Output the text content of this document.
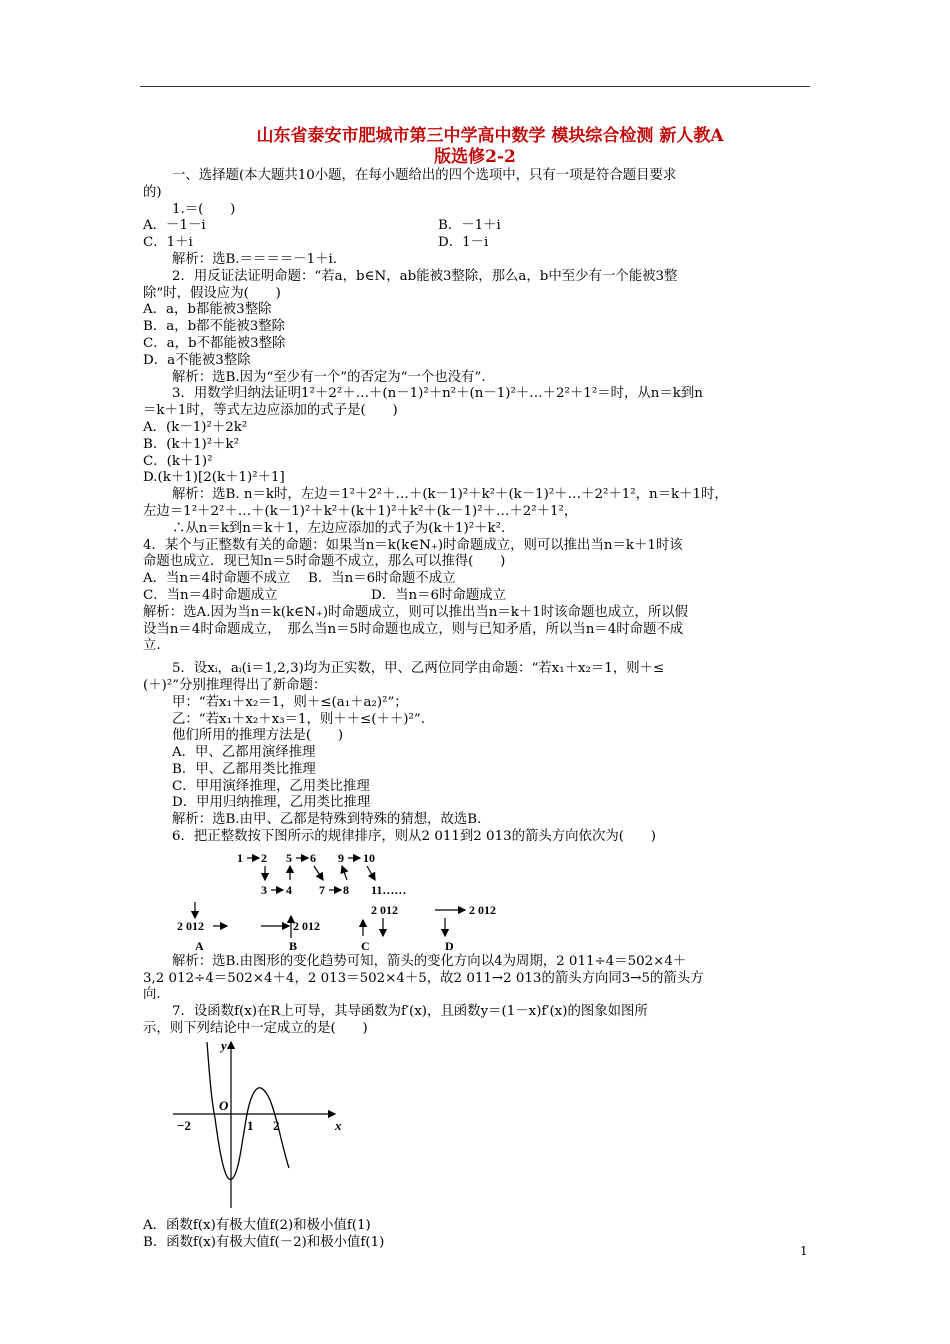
山东省泰安市肥城市第三中学高中数学 模块综合检测 新人教A
版选修2-2
一、选择题(本大题共10小题，在每小题给出的四个选项中，只有一项是符合题目要求
的)
1.＝(　　)
A．－1－i	B．－1＋i
C．1＋i	D．1－i
解析：选B.＝＝＝＝－1＋i.
2．用反证法证明命题：“若a，b∈N，ab能被3整除，那么a，b中至少有一个能被3整
除”时，假设应为(　　)
A．a，b都能被3整除
B．a，b都不能被3整除
C．a，b不都能被3整除
D．a不能被3整除
解析：选B.因为“至少有一个”的否定为“一个也没有”.
3．用数学归纳法证明1²＋2²＋…＋(n－1)²＋n²＋(n－1)²＋…＋2²＋1²＝时，从n＝k到n
＝k＋1时，等式左边应添加的式子是(　　)
A．(k－1)²＋2k²
B．(k＋1)²＋k²
C．(k＋1)²
D.(k＋1)[2(k＋1)²＋1]
解析：选B. n＝k时，左边＝1²＋2²＋…＋(k－1)²＋k²＋(k－1)²＋…＋2²＋1²，n＝k＋1时，
左边＝1²＋2²＋…＋(k－1)²＋k²＋(k＋1)²＋k²＋(k－1)²＋…＋2²＋1²，
∴从n＝k到n＝k＋1，左边应添加的式子为(k＋1)²＋k².
4．某个与正整数有关的命题：如果当n＝k(k∈N₊)时命题成立，则可以推出当n＝k＋1时该
命题也成立．现已知n＝5时命题不成立，那么可以推得(　　)
A．当n＝4时命题不成立　 B．当n＝6时命题不成立
C．当n＝4时命题成立	D．当n＝6时命题成立
解析：选A.因为当n＝k(k∈N₊)时命题成立，则可以推出当n＝k＋1时该命题也成立，所以假
设当n＝4时命题成立，　那么当n＝5时命题也成立，则与已知矛盾，所以当n＝4时命题不成
立.
5．设xᵢ，aᵢ(i＝1,2,3)均为正实数，甲、乙两位同学由命题：“若x₁＋x₂＝1，则＋≤
(＋)²”分别推理得出了新命题：
甲：“若x₁＋x₂＝1，则＋≤(a₁＋a₂)²”；
乙：“若x₁＋x₂＋x₃＝1，则＋＋≤(＋＋)²”.
他们所用的推理方法是(　　)
A．甲、乙都用演绎推理
B．甲、乙都用类比推理
C．甲用演绎推理，乙用类比推理
D．甲用归纳推理，乙用类比推理
解析：选B.由甲、乙都是特殊到特殊的猜想，故选B.
6．把正整数按下图所示的规律排序，则从2 011到2 013的箭头方向依次为(　　)
1 2 5 6 9 10
3 4 7 8 11……
2 012	2 012
2 012	2 012
A	B	C	D
解析：选B.由图形的变化趋势可知，箭头的变化方向以4为周期，2 011÷4＝502×4＋
3,2 012÷4＝502×4＋4，2 013＝502×4＋5，故2 011→2 013的箭头方向同3→5的箭头方
向.
7．设函数f(x)在R上可导，其导函数为f′(x)，且函数y＝(1－x)f′(x)的图象如图所
示，则下列结论中一定成立的是(　　)
y
O
x
−2	1 2
A．函数f(x)有极大值f(2)和极小值f(1)
B．函数f(x)有极大值f(－2)和极小值f(1)
1
